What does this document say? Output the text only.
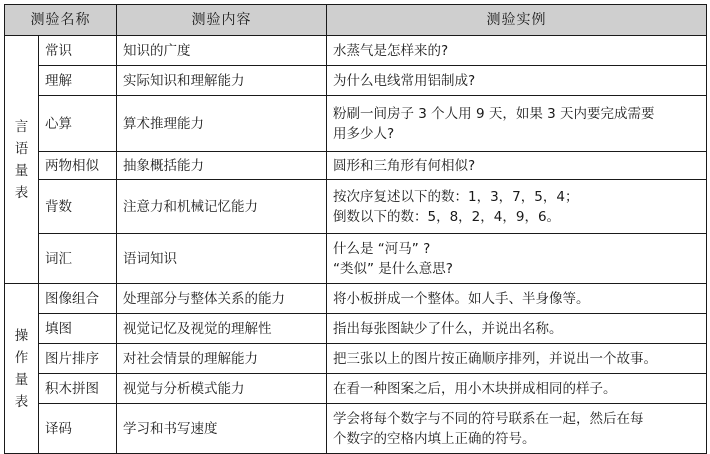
测验名称		测验内容	测验实例

言
语
量
表	常识	知识的广度	水蒸气是怎样来的?

	理解	实际知识和理解能力	为什么电线常用铝制成?

	心算	算术推理能力	粉刷一间房子 3 个人用 9 天，如果 3 天内要完成需要
用多少人?

	两物相似	抽象概括能力	圆形和三角形有何相似?

	背数	注意力和机械记忆能力	按次序复述以下的数：1，3，7，5，4；
倒数以下的数：5，8，2，4，9，6。

	词汇	语词知识	什么是 “河马” ?
“类似” 是什么意思?

操
作
量
表	图像组合	处理部分与整体关系的能力	将小板拼成一个整体。如人手、半身像等。

	填图	视觉记忆及视觉的理解性	指出每张图缺少了什么，并说出名称。

	图片排序	对社会情景的理解能力	把三张以上的图片按正确顺序排列，并说出一个故事。

	积木拼图	视觉与分析模式能力	在看一种图案之后，用小木块拼成相同的样子。

	译码	学习和书写速度	学会将每个数字与不同的符号联系在一起，然后在每
个数字的空格内填上正确的符号。
